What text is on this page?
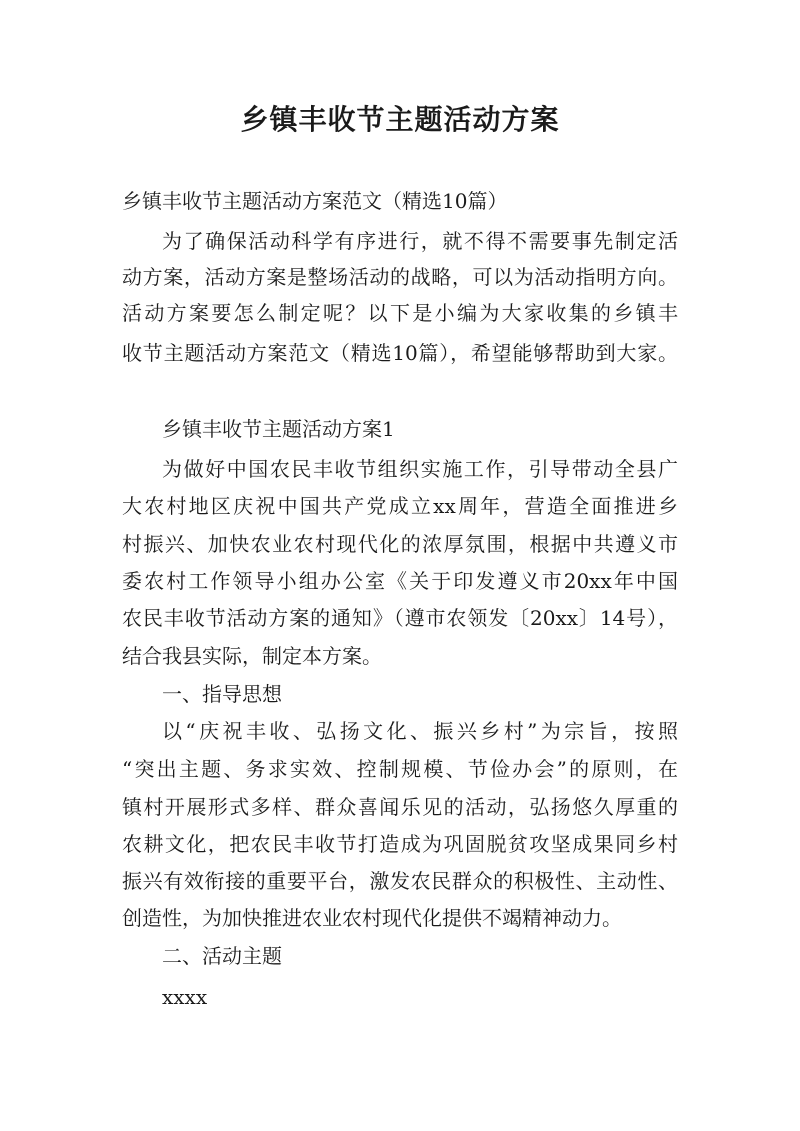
乡镇丰收节主题活动方案
乡镇丰收节主题活动方案范文（精选10篇）
为了确保活动科学有序进行，就不得不需要事先制定活
动方案，活动方案是整场活动的战略，可以为活动指明方向。
活动方案要怎么制定呢？以下是小编为大家收集的乡镇丰
收节主题活动方案范文（精选10篇），希望能够帮助到大家。
乡镇丰收节主题活动方案1
为做好中国农民丰收节组织实施工作，引导带动全县广
大农村地区庆祝中国共产党成立xx周年，营造全面推进乡
村振兴、加快农业农村现代化的浓厚氛围，根据中共遵义市
委农村工作领导小组办公室《关于印发遵义市20xx年中国
农民丰收节活动方案的通知》（遵市农领发〔20xx〕14号），
结合我县实际，制定本方案。
一、指导思想
以“庆祝丰收、弘扬文化、振兴乡村”为宗旨，按照
“突出主题、务求实效、控制规模、节俭办会”的原则，在
镇村开展形式多样、群众喜闻乐见的活动，弘扬悠久厚重的
农耕文化，把农民丰收节打造成为巩固脱贫攻坚成果同乡村
振兴有效衔接的重要平台，激发农民群众的积极性、主动性、
创造性，为加快推进农业农村现代化提供不竭精神动力。
二、活动主题
xxxx
